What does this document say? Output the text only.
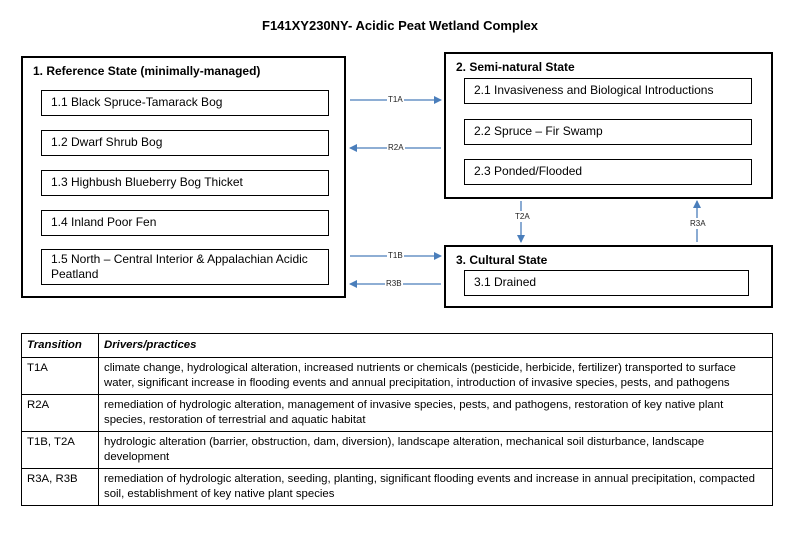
F141XY230NY- Acidic Peat Wetland Complex
1. Reference State (minimally-managed)
1.1 Black Spruce-Tamarack Bog
1.2 Dwarf Shrub Bog
1.3 Highbush Blueberry Bog Thicket
1.4 Inland Poor Fen
1.5 North – Central Interior & Appalachian Acidic Peatland
2. Semi-natural State
2.1 Invasiveness and Biological Introductions
2.2 Spruce – Fir Swamp
2.3 Ponded/Flooded
3. Cultural State
3.1 Drained
T1A
R2A
T1B
R3B
T2A
R3A
Transition	Drivers/practices
T1A	climate change, hydrological alteration, increased nutrients or chemicals (pesticide, herbicide, fertilizer) transported to surface water, significant increase in flooding events and annual precipitation, introduction of invasive species, pests, and pathogens
R2A	remediation of hydrologic alteration, management of invasive species, pests, and pathogens, restoration of key native plant species, restoration of terrestrial and aquatic habitat
T1B, T2A	hydrologic alteration (barrier, obstruction, dam, diversion), landscape alteration, mechanical soil disturbance, landscape development
R3A, R3B	remediation of hydrologic alteration, seeding, planting, significant flooding events and increase in annual precipitation, compacted soil, establishment of key native plant species
